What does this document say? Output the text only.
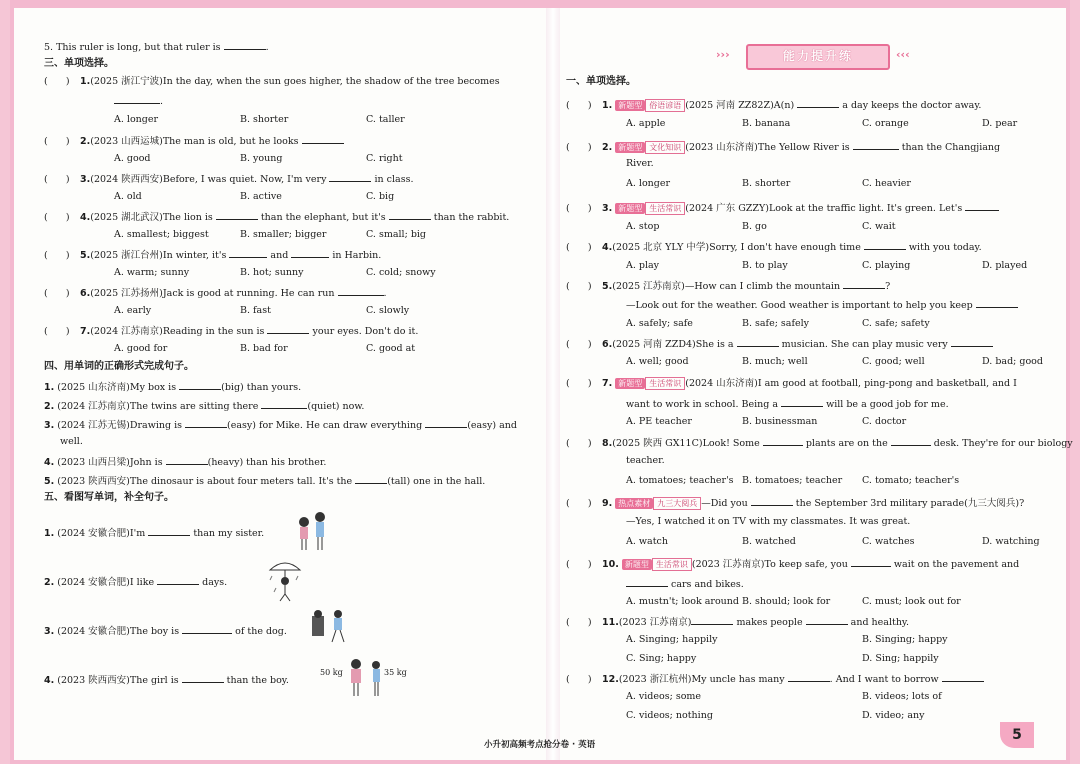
5. This ruler is long, but that ruler is	.
三、单项选择。
(      ) 1.(2025 浙江宁波)In the day, when the sun goes higher, the shadow of the tree becomes
.
A. longer	B. shorter	C. taller
(      ) 2.(2023 山西运城)The man is old, but he looks
A. good	B. young	C. right
(      ) 3.(2024 陕西西安)Before, I was quiet. Now, I'm very	in class.
A. old	B. active	C. big
(      ) 4.(2025 湖北武汉)The lion is	than the elephant, but it's	than the rabbit.
A. smallest; biggest	B. smaller; bigger	C. small; big
(      ) 5.(2025 浙江台州)In winter, it's	and	in Harbin.
A. warm; sunny	B. hot; sunny	C. cold; snowy
(      ) 6.(2025 江苏扬州)Jack is good at running. He can run	.
A. early	B. fast	C. slowly
(      ) 7.(2024 江苏南京)Reading in the sun is	your eyes. Don't do it.
A. good for	B. bad for	C. good at
四、用单词的正确形式完成句子。
1. (2025 山东济南)My box is	(big) than yours.
2. (2024 江苏南京)The twins are sitting there	(quiet) now.
3. (2024 江苏无锡)Drawing is	(easy) for Mike. He can draw everything	(easy) and
well.
4. (2023 山西吕梁)John is	(heavy) than his brother.
5. (2023 陕西西安)The dinosaur is about four meters tall. It's the	(tall) one in the hall.
五、看图写单词，补全句子。
1. (2024 安徽合肥)I'm	than my sister.
2. (2024 安徽合肥)I like	days.
3. (2024 安徽合肥)The boy is	of the dog.
4. (2023 陕西西安)The girl is	than the boy.
50 kg	35 kg
›››	能力提升练	‹‹‹
一、单项选择。
(      ) 1. 新题型 俗语谚语 (2025 河南 ZZ82Z)A(n)	a day keeps the doctor away.
A. apple	B. banana	C. orange	D. pear
(      ) 2. 新题型 文化知识 (2023 山东济南)The Yellow River is	than the Changjiang
River.
A. longer	B. shorter	C. heavier
(      ) 3. 新题型 生活常识 (2024 广东 GZZY)Look at the traffic light. It's green. Let's
A. stop	B. go	C. wait
(      ) 4.(2025 北京 YLY 中学)Sorry, I don't have enough time	with you today.
A. play	B. to play	C. playing	D. played
(      ) 5.(2025 江苏南京)—How can I climb the mountain	?
—Look out for the weather. Good weather is important to help you keep
A. safely; safe	B. safe; safely	C. safe; safety
(      ) 6.(2025 河南 ZZD4)She is a	musician. She can play music very
A. well; good	B. much; well	C. good; well	D. bad; good
(      ) 7. 新题型 生活常识 (2024 山东济南)I am good at football, ping-pong and basketball, and I
want to work in school. Being a	will be a good job for me.
A. PE teacher	B. businessman	C. doctor
(      ) 8.(2025 陕西 GX11C)Look! Some	plants are on the	desk. They're for our biology
teacher.
A. tomatoes; teacher's B. tomatoes; teacher C. tomato; teacher's
(      ) 9. 热点素材 九三大阅兵 —Did you	the September 3rd military parade(九三大阅兵)?
—Yes, I watched it on TV with my classmates. It was great.
A. watch	B. watched	C. watches	D. watching
(      ) 10. 新题型 生活常识 (2023 江苏南京)To keep safe, you	wait on the pavement and
cars and bikes.
A. mustn't; look around B. should; look for	C. must; look out for
(      ) 11.(2023 江苏南京)	makes people	and healthy.
A. Singing; happily	B. Singing; happy
C. Sing; happy	D. Sing; happily
(      ) 12.(2023 浙江杭州)My uncle has many	. And I want to borrow
A. videos; some	B. videos; lots of
C. videos; nothing	D. video; any
小升初高频考点抢分卷 · 英语
5
